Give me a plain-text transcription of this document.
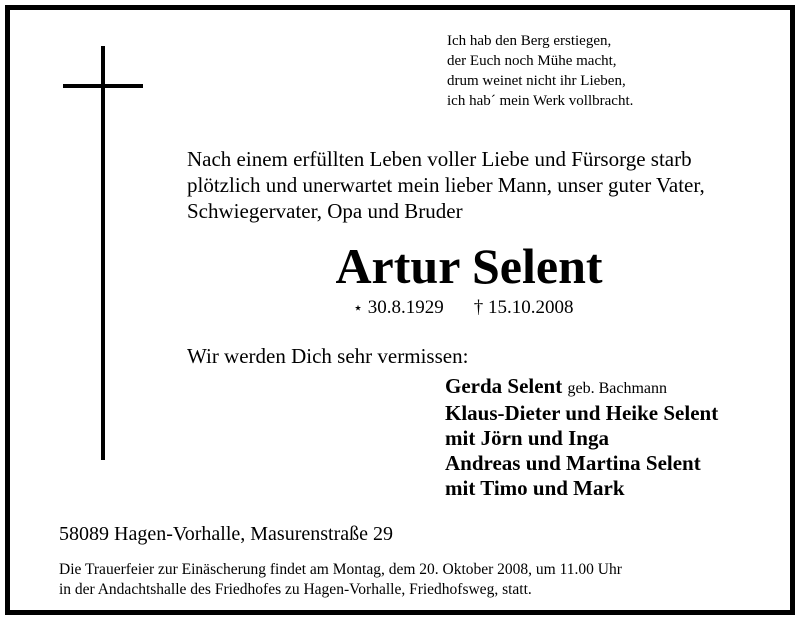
Ich hab den Berg erstiegen,
der Euch noch Mühe macht,
drum weinet nicht ihr Lieben,
ich hab´ mein Werk vollbracht.
Nach einem erfüllten Leben voller Liebe und Fürsorge starb
plötzlich und unerwartet mein lieber Mann, unser guter Vater,
Schwiegervater, Opa und Bruder
Artur Selent
⋆ 30.8.1929 † 15.10.2008
Wir werden Dich sehr vermissen:
Gerda Selent geb. Bachmann
Klaus-Dieter und Heike Selent
mit Jörn und Inga
Andreas und Martina Selent
mit Timo und Mark
58089 Hagen-Vorhalle, Masurenstraße 29
Die Trauerfeier zur Einäscherung findet am Montag, dem 20. Oktober 2008, um 11.00 Uhr
in der Andachtshalle des Friedhofes zu Hagen-Vorhalle, Friedhofsweg, statt.
